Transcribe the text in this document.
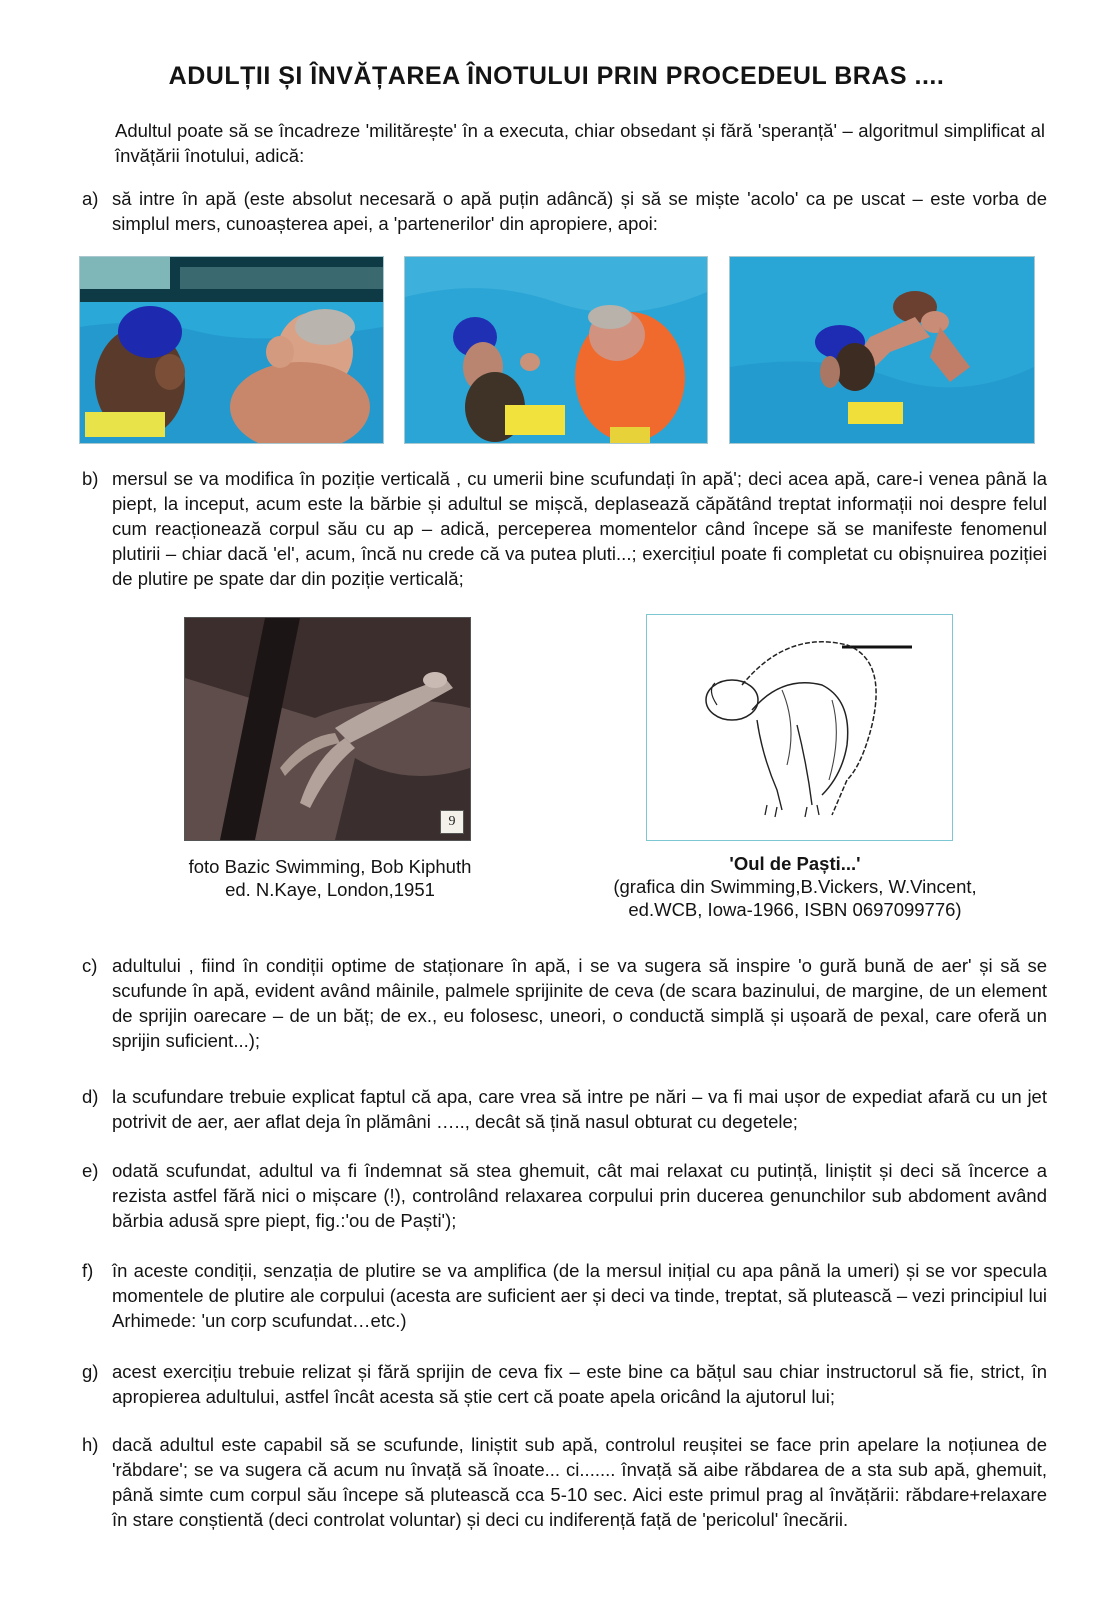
ADULȚII ȘI ÎNVĂȚAREA ÎNOTULUI PRIN PROCEDEUL BRAS ....
Adultul poate să se încadreze 'militărește' în a executa, chiar obsedant și fără 'speranță' – algoritmul simplificat al învățării înotului, adică:
a) să intre în apă (este absolut necesară o apă puțin adâncă) și să se miște 'acolo' ca pe uscat – este vorba de simplul mers, cunoașterea apei, a 'partenerilor' din apropiere, apoi:
b) mersul se va modifica în poziție verticală , cu umerii bine scufundați în apă'; deci acea apă, care-i venea până la piept, la inceput, acum este la bărbie și adultul se mișcă, deplasează căpătând treptat informații noi despre felul cum reacționează corpul său cu ap – adică, perceperea momentelor când începe să se manifeste fenomenul plutirii – chiar dacă 'el', acum, încă nu crede că va putea pluti...; exercițiul poate fi completat cu obișnuirea poziției de plutire pe spate dar din poziție verticală;
9
foto Bazic Swimming, Bob Kiphuth
ed. N.Kaye, London,1951
'Oul de Paști...'
(grafica din Swimming,B.Vickers, W.Vincent,
ed.WCB, Iowa-1966, ISBN 0697099776)
c) adultului , fiind în condiții optime de staționare în apă, i se va sugera să inspire 'o gură bună de aer' și să se scufunde în apă, evident având mâinile, palmele sprijinite de ceva (de scara bazinului, de margine, de un element de sprijin oarecare – de un băț; de ex., eu folosesc, uneori, o conductă simplă și ușoară de pexal, care oferă un sprijin suficient...);
d) la scufundare trebuie explicat faptul că apa, care vrea să intre pe nări – va fi mai ușor de expediat afară cu un jet potrivit de aer, aer aflat deja în plămâni ….., decât să țină nasul obturat cu degetele;
e) odată scufundat, adultul va fi îndemnat să stea ghemuit, cât mai relaxat cu putință, liniștit și deci să încerce a rezista astfel fără nici o mișcare (!), controlând relaxarea corpului prin ducerea genunchilor sub abdoment având bărbia adusă spre piept, fig.:'ou de Paști');
f) în aceste condiții, senzația de plutire se va amplifica (de la mersul inițial cu apa până la umeri) și se vor specula momentele de plutire ale corpului (acesta are suficient aer și deci va tinde, treptat, să plutească – vezi principiul lui Arhimede: 'un corp scufundat…etc.)
g) acest exercițiu trebuie relizat și fără sprijin de ceva fix – este bine ca bățul sau chiar instructorul să fie, strict, în apropierea adultului, astfel încât acesta să știe cert că poate apela oricând la ajutorul lui;
h) dacă adultul este capabil să se scufunde, liniștit sub apă, controlul reușitei se face prin apelare la noțiunea de 'răbdare'; se va sugera că acum nu învață să înoate... ci....... învață să aibe răbdarea de a sta sub apă, ghemuit, până simte cum corpul său începe să plutească cca 5-10 sec. Aici este primul prag al învățării: răbdare+relaxare în stare conștientă (deci controlat voluntar) și deci cu indiferență față de 'pericolul' înecării.
